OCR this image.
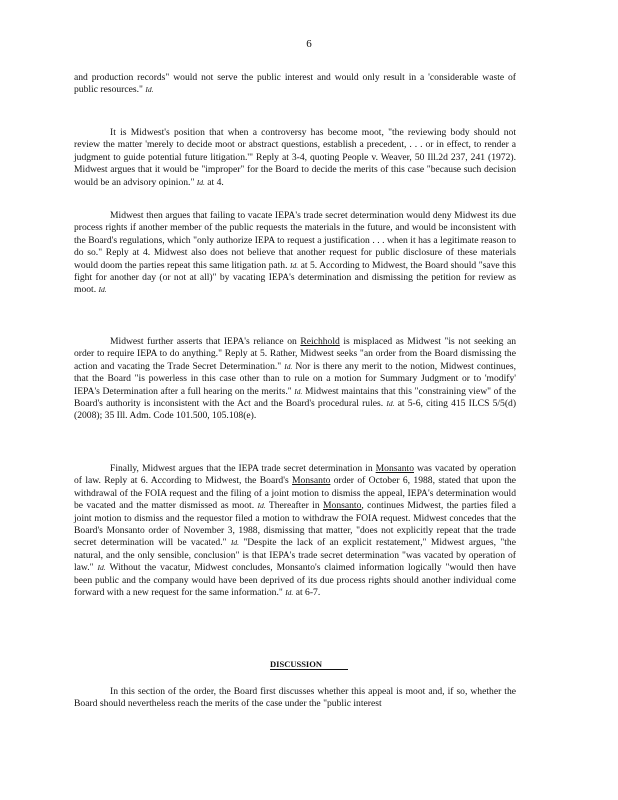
6

and production records" would not serve the public interest and would only result in a 'considerable waste of public resources." Id.

It is Midwest's position that when a controversy has become moot, "the reviewing body should not review the matter 'merely to decide moot or abstract questions, establish a precedent, . . . or in effect, to render a judgment to guide potential future litigation.'" Reply at 3-4, quoting People v. Weaver, 50 Ill.2d 237, 241 (1972). Midwest argues that it would be "improper" for the Board to decide the merits of this case "because such decision would be an advisory opinion." Id. at 4.

Midwest then argues that failing to vacate IEPA's trade secret determination would deny Midwest its due process rights if another member of the public requests the materials in the future, and would be inconsistent with the Board's regulations, which "only authorize IEPA to request a justification . . . when it has a legitimate reason to do so." Reply at 4. Midwest also does not believe that another request for public disclosure of these materials would doom the parties repeat this same litigation path. Id. at 5. According to Midwest, the Board should "save this fight for another day (or not at all)" by vacating IEPA's determination and dismissing the petition for review as moot. Id.

Midwest further asserts that IEPA's reliance on Reichhold is misplaced as Midwest "is not seeking an order to require IEPA to do anything." Reply at 5. Rather, Midwest seeks "an order from the Board dismissing the action and vacating the Trade Secret Determination." Id. Nor is there any merit to the notion, Midwest continues, that the Board "is powerless in this case other than to rule on a motion for Summary Judgment or to 'modify' IEPA's Determination after a full hearing on the merits." Id. Midwest maintains that this "constraining view" of the Board's authority is inconsistent with the Act and the Board's procedural rules. Id. at 5-6, citing 415 ILCS 5/5(d) (2008); 35 Ill. Adm. Code 101.500, 105.108(e).

Finally, Midwest argues that the IEPA trade secret determination in Monsanto was vacated by operation of law. Reply at 6. According to Midwest, the Board's Monsanto order of October 6, 1988, stated that upon the withdrawal of the FOIA request and the filing of a joint motion to dismiss the appeal, IEPA's determination would be vacated and the matter dismissed as moot. Id. Thereafter in Monsanto, continues Midwest, the parties filed a joint motion to dismiss and the requestor filed a motion to withdraw the FOIA request. Midwest concedes that the Board's Monsanto order of November 3, 1988, dismissing that matter, "does not explicitly repeat that the trade secret determination will be vacated." Id. "Despite the lack of an explicit restatement," Midwest argues, "the natural, and the only sensible, conclusion" is that IEPA's trade secret determination "was vacated by operation of law." Id. Without the vacatur, Midwest concludes, Monsanto's claimed information logically "would then have been public and the company would have been deprived of its due process rights should another individual come forward with a new request for the same information." Id. at 6-7.

DISCUSSION

In this section of the order, the Board first discusses whether this appeal is moot and, if so, whether the Board should nevertheless reach the merits of the case under the "public interest
